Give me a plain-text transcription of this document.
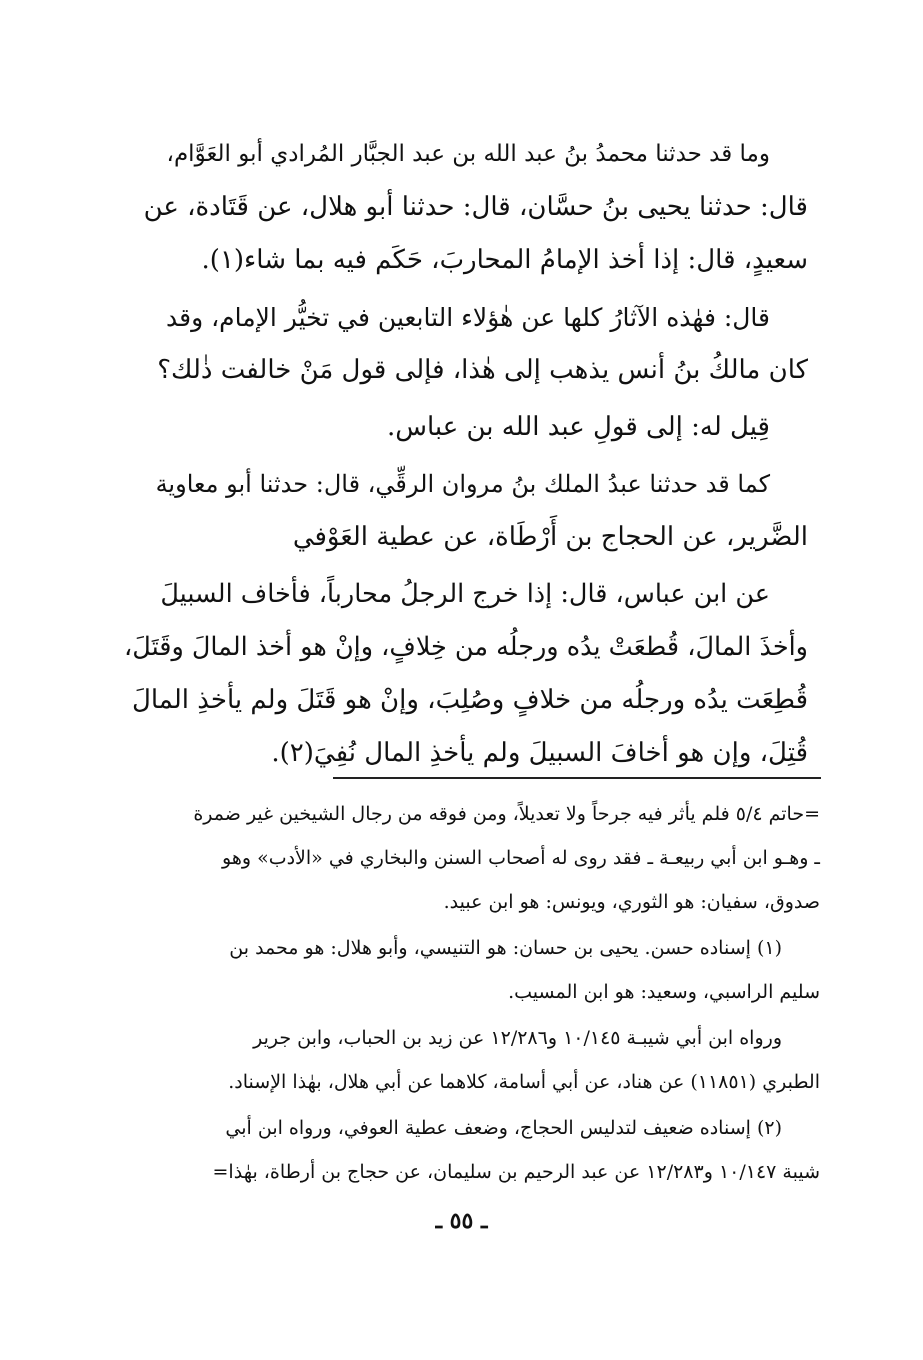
وما قد حدثنا محمدُ بنُ عبد الله بن عبد الجبَّار المُرادي أبو العَوَّام،
قال: حدثنا يحيى بنُ حسَّان، قال: حدثنا أبو هلال، عن قَتَادة، عن
سعيدٍ، قال: إذا أخذ الإمامُ المحاربَ، حَكَم فيه بما شاء(١).

قال: فهٰذه الآثارُ كلها عن هٰؤلاء التابعين في تخيُّر الإمام، وقد
كان مالكُ بنُ أنس يذهب إلى هٰذا، فإلى قول مَنْ خالفت ذٰلك؟

قِيل له: إلى قولِ عبد الله بن عباس.

كما قد حدثنا عبدُ الملك بنُ مروان الرقِّي، قال: حدثنا أبو معاوية
الضَّرير، عن الحجاج بن أَرْطَاة، عن عطية العَوْفي

عن ابن عباس، قال: إذا خرج الرجلُ محارباً، فأخاف السبيلَ
وأخذَ المالَ، قُطعَتْ يدُه ورجلُه من خِلافٍ، وإنْ هو أخذ المالَ وقَتَلَ،
قُطِعَت يدُه ورجلُه من خلافٍ وصُلِبَ، وإنْ هو قَتَلَ ولم يأخذِ المالَ
قُتِلَ، وإن هو أخافَ السبيلَ ولم يأخذِ المال نُفِيَ(٢).

=حاتم ٥/٤ فلم يأثر فيه جرحاً ولا تعديلاً، ومن فوقه من رجال الشيخين غير ضمرة
ـ وهـو ابن أبي ربيعـة ـ فقد روى له أصحاب السنن والبخاري في «الأدب» وهو
صدوق، سفيان: هو الثوري، ويونس: هو ابن عبيد.

(١) إسناده حسن. يحيى بن حسان: هو التنيسي، وأبو هلال: هو محمد بن
سليم الراسبي، وسعيد: هو ابن المسيب.

ورواه ابن أبي شيبـة ١٠/١٤٥ و١٢/٢٨٦ عن زيد بن الحباب، وابن جرير
الطبري (١١٨٥١) عن هناد، عن أبي أسامة، كلاهما عن أبي هلال، بهٰذا الإسناد.

(٢) إسناده ضعيف لتدليس الحجاج، وضعف عطية العوفي، ورواه ابن أبي
شيبة ١٠/١٤٧ و١٢/٢٨٣ عن عبد الرحيم بن سليمان، عن حجاج بن أرطاة، بهٰذا=

ـ ٥٥ ـ
